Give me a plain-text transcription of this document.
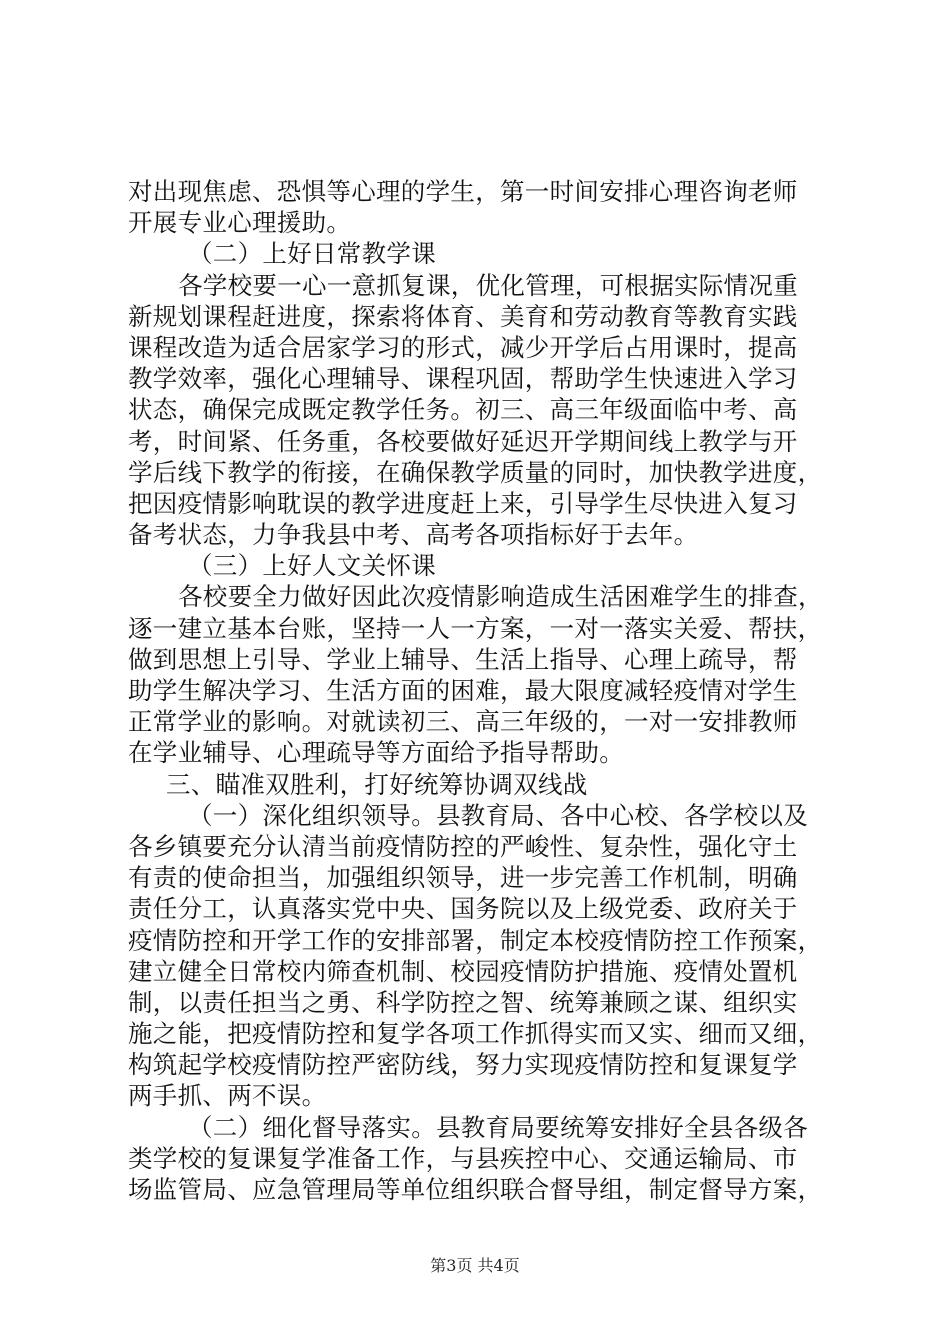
对出现焦虑、恐惧等心理的学生，第一时间安排心理咨询老师
开展专业心理援助。
（二）上好日常教学课
各学校要一心一意抓复课，优化管理，可根据实际情况重
新规划课程赶进度，探索将体育、美育和劳动教育等教育实践
课程改造为适合居家学习的形式，减少开学后占用课时，提高
教学效率，强化心理辅导、课程巩固，帮助学生快速进入学习
状态，确保完成既定教学任务。初三、高三年级面临中考、高
考，时间紧、任务重，各校要做好延迟开学期间线上教学与开
学后线下教学的衔接，在确保教学质量的同时，加快教学进度，
把因疫情影响耽误的教学进度赶上来，引导学生尽快进入复习
备考状态，力争我县中考、高考各项指标好于去年。
（三）上好人文关怀课
各校要全力做好因此次疫情影响造成生活困难学生的排查，
逐一建立基本台账，坚持一人一方案，一对一落实关爱、帮扶，
做到思想上引导、学业上辅导、生活上指导、心理上疏导，帮
助学生解决学习、生活方面的困难，最大限度减轻疫情对学生
正常学业的影响。对就读初三、高三年级的，一对一安排教师
在学业辅导、心理疏导等方面给予指导帮助。
三、瞄准双胜利，打好统筹协调双线战
（一）深化组织领导。县教育局、各中心校、各学校以及
各乡镇要充分认清当前疫情防控的严峻性、复杂性，强化守土
有责的使命担当，加强组织领导，进一步完善工作机制，明确
责任分工，认真落实党中央、国务院以及上级党委、政府关于
疫情防控和开学工作的安排部署，制定本校疫情防控工作预案，
建立健全日常校内筛查机制、校园疫情防护措施、疫情处置机
制，以责任担当之勇、科学防控之智、统筹兼顾之谋、组织实
施之能，把疫情防控和复学各项工作抓得实而又实、细而又细，
构筑起学校疫情防控严密防线，努力实现疫情防控和复课复学
两手抓、两不误。
（二）细化督导落实。县教育局要统筹安排好全县各级各
类学校的复课复学准备工作，与县疾控中心、交通运输局、市
场监管局、应急管理局等单位组织联合督导组，制定督导方案，
第3页 共4页
